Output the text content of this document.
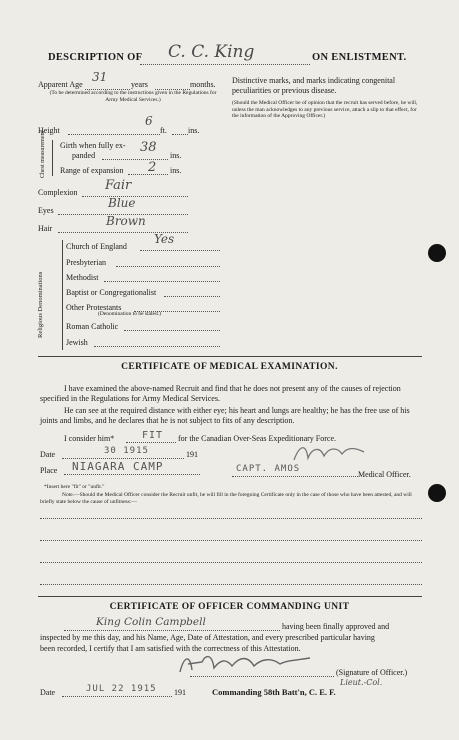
DESCRIPTION OF C. C. King	ON ENLISTMENT.
Apparent Age
31
years	months.
(To be determined according to the instructions given in the Regulations for Army Medical Services.)
Distinctive marks, and marks indicating congenital peculiarities or previous disease.
(Should the Medical Officer be of opinion that the recruit has served before, he will, unless the man acknowledges to any previous service, attach a slip to that effect, for the information of the Approving Officer.)
Height
6
ft.	ins.
Chest measurement Girth when fully ex-
panded
38
ins.
Range of expansion 2 ins.
Complexion Fair
Eyes
Blue
Hair
Brown
Religious Denominations
Church of England
Yes
Presbyterian
Methodist
Baptist or Congregationalist
Other Protestants
(Denomination to be stated.)
Roman Catholic
Jewish
CERTIFICATE OF MEDICAL EXAMINATION.
I have examined the above-named Recruit and find that he does not present any of the causes of rejection specified in the Regulations for Army Medical Services.
He can see at the required distance with either eye; his heart and lungs are healthy; he has the free use of his joints and limbs, and he declares that he is not subject to fits of any description.
I consider him*	FIT for the Canadian Over-Seas Expeditionary Force.
Date	30 1915	191
Place NIAGARA CAMP	CAPT. AMOS
Medical Officer.
*Insert here "fit" or "unfit."
Note.—Should the Medical Officer consider the Recruit unfit, he will fill in the foregoing Certificate only in the case of those who have been attested, and will briefly state below the cause of unfitness:—
CERTIFICATE OF OFFICER COMMANDING UNIT
King Colin Campbell	having been finally approved and
inspected by me this day, and his Name, Age, Date of Attestation, and every prescribed particular having
been recorded, I certify that I am satisfied with the correctness of this Attestation.
(Signature of Officer.)
Lieut.-Col.
Date	JUL 22 1915 191	Commanding 58th Batt'n, C. E. F.
